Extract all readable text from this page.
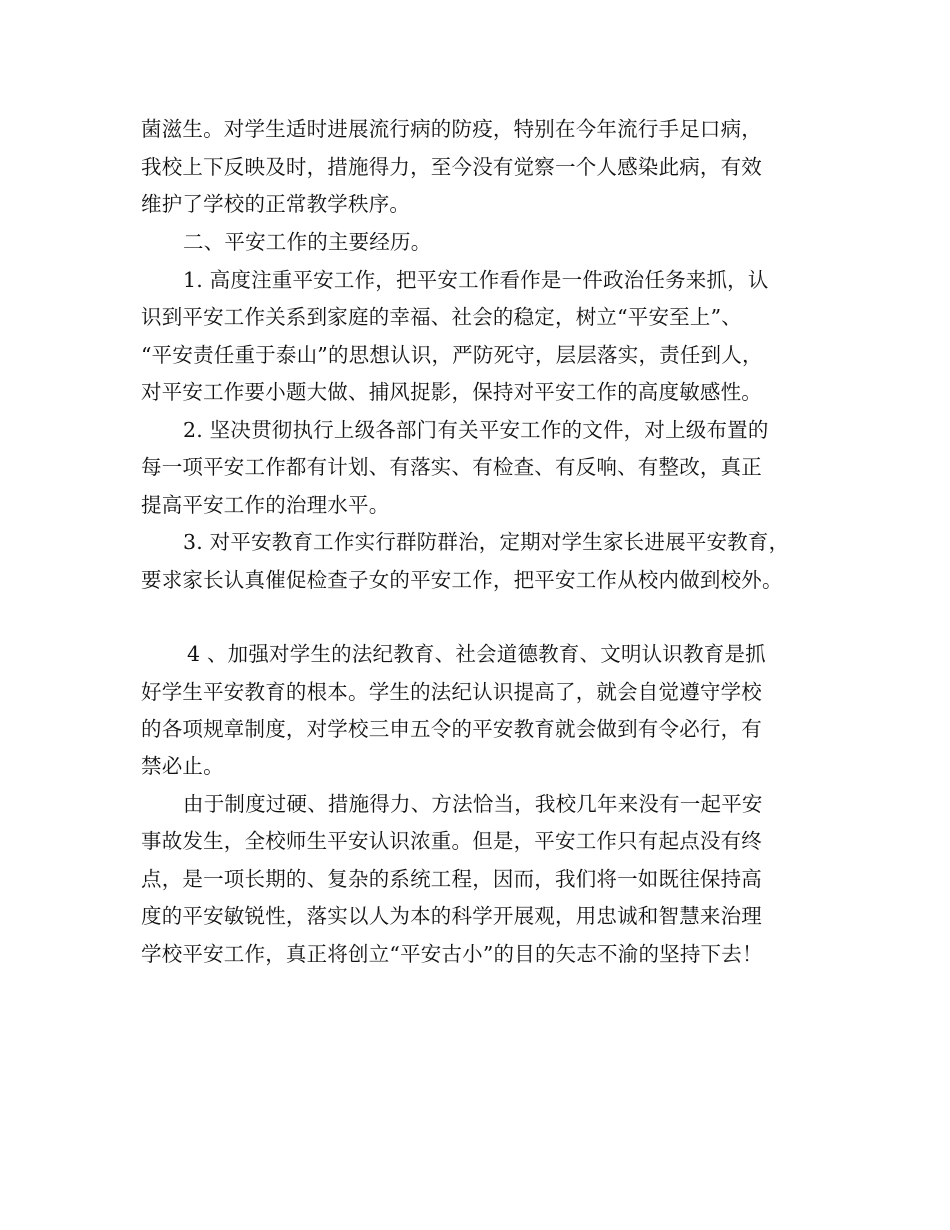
菌滋生。对学生适时进展流行病的防疫，特别在今年流行手足口病，
我校上下反映及时，措施得力，至今没有觉察一个人感染此病，有效
维护了学校的正常教学秩序。
二、平安工作的主要经历。
1. 高度注重平安工作，把平安工作看作是一件政治任务来抓，认
识到平安工作关系到家庭的幸福、社会的稳定，树立“平安至上”、
“平安责任重于泰山”的思想认识，严防死守，层层落实，责任到人，
对平安工作要小题大做、捕风捉影，保持对平安工作的高度敏感性。
2. 坚决贯彻执行上级各部门有关平安工作的文件，对上级布置的
每一项平安工作都有计划、有落实、有检查、有反响、有整改，真正
提高平安工作的治理水平。
3. 对平安教育工作实行群防群治，定期对学生家长进展平安教育，
要求家长认真催促检查子女的平安工作，把平安工作从校内做到校外。
4 、加强对学生的法纪教育、社会道德教育、文明认识教育是抓
好学生平安教育的根本。学生的法纪认识提高了，就会自觉遵守学校
的各项规章制度，对学校三申五令的平安教育就会做到有令必行，有
禁必止。
由于制度过硬、措施得力、方法恰当，我校几年来没有一起平安
事故发生，全校师生平安认识浓重。但是，平安工作只有起点没有终
点，是一项长期的、复杂的系统工程，因而，我们将一如既往保持高
度的平安敏锐性，落实以人为本的科学开展观，用忠诚和智慧来治理
学校平安工作，真正将创立“平安古小”的目的矢志不渝的坚持下去！
